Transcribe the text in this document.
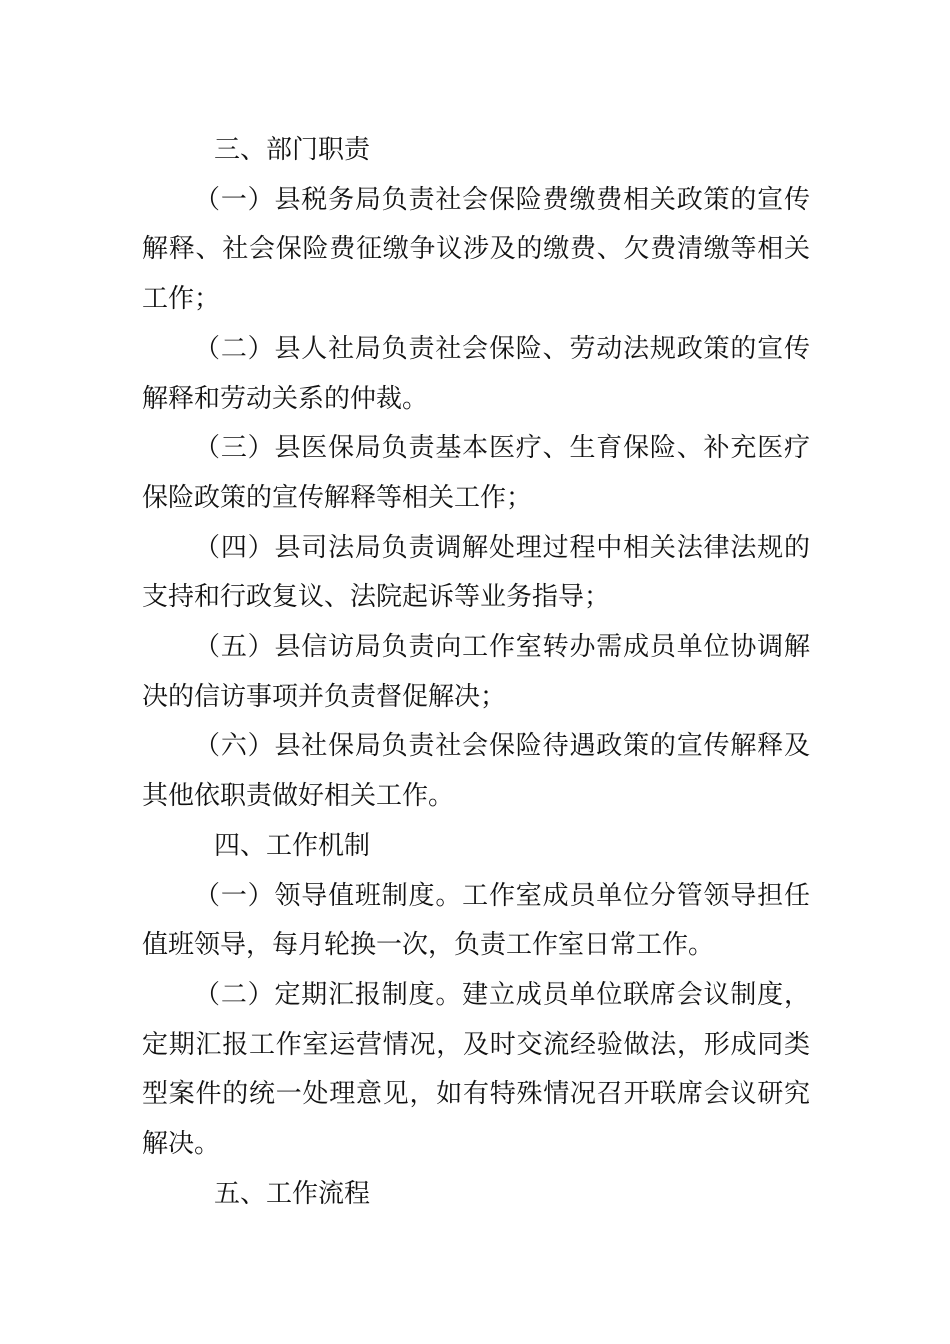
三、部门职责

（一）县税务局负责社会保险费缴费相关政策的宣传解释、社会保险费征缴争议涉及的缴费、欠费清缴等相关工作；

（二）县人社局负责社会保险、劳动法规政策的宣传解释和劳动关系的仲裁。

（三）县医保局负责基本医疗、生育保险、补充医疗保险政策的宣传解释等相关工作；

（四）县司法局负责调解处理过程中相关法律法规的支持和行政复议、法院起诉等业务指导；

（五）县信访局负责向工作室转办需成员单位协调解决的信访事项并负责督促解决；

（六）县社保局负责社会保险待遇政策的宣传解释及其他依职责做好相关工作。

四、工作机制

（一）领导值班制度。工作室成员单位分管领导担任值班领导，每月轮换一次，负责工作室日常工作。

（二）定期汇报制度。建立成员单位联席会议制度，定期汇报工作室运营情况，及时交流经验做法，形成同类型案件的统一处理意见，如有特殊情况召开联席会议研究解决。

五、工作流程
